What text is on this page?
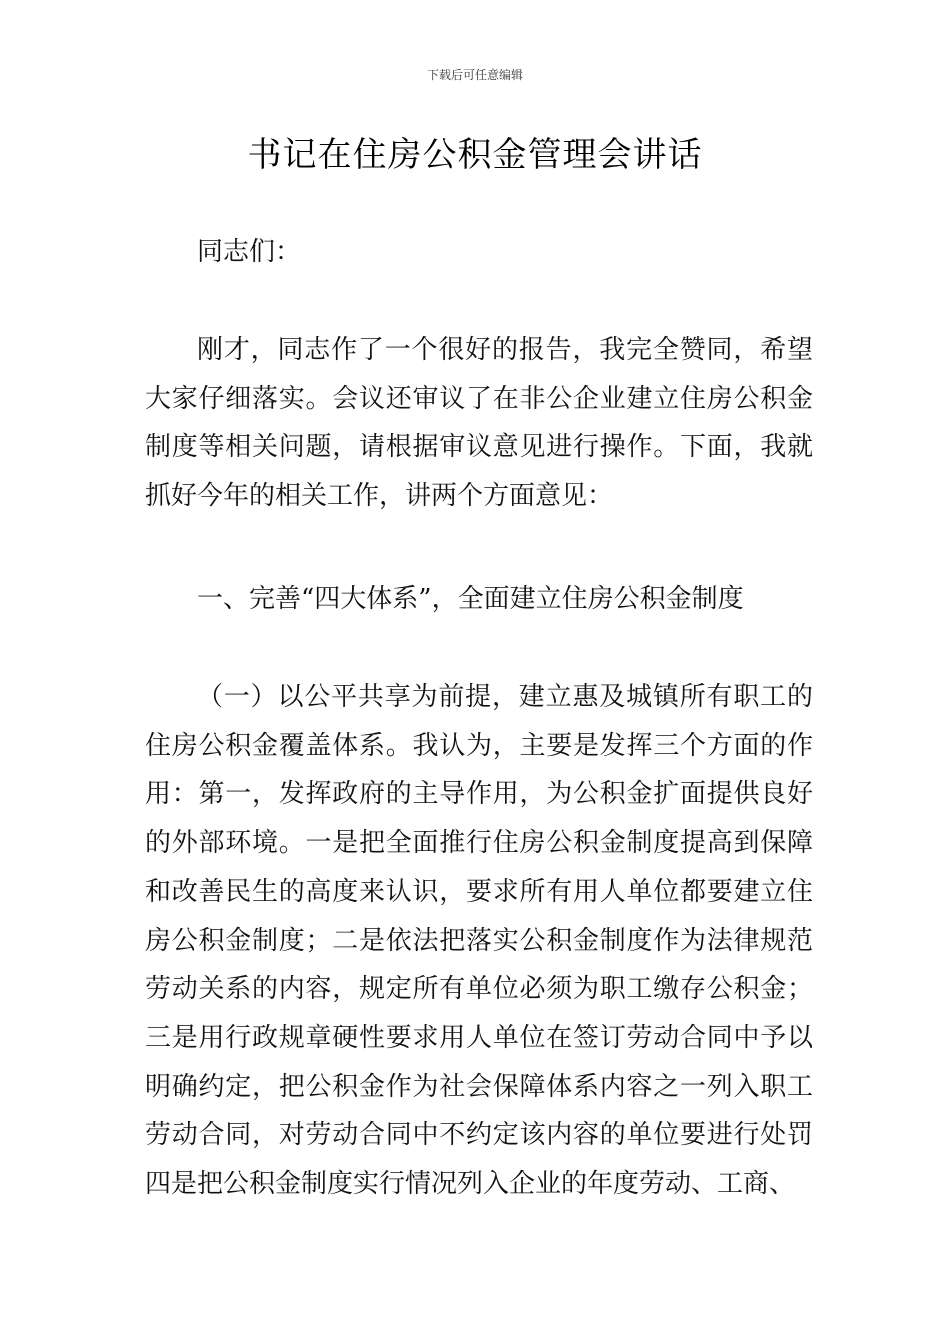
下载后可任意编辑
书记在住房公积金管理会讲话

同志们：

刚才，同志作了一个很好的报告，我完全赞同，希望大家仔细落实。会议还审议了在非公企业建立住房公积金制度等相关问题，请根据审议意见进行操作。下面，我就抓好今年的相关工作，讲两个方面意见：

一、完善“四大体系”，全面建立住房公积金制度

（一）以公平共享为前提，建立惠及城镇所有职工的住房公积金覆盖体系。我认为，主要是发挥三个方面的作用：第一，发挥政府的主导作用，为公积金扩面提供良好的外部环境。一是把全面推行住房公积金制度提高到保障和改善民生的高度来认识，要求所有用人单位都要建立住房公积金制度；二是依法把落实公积金制度作为法律规范劳动关系的内容，规定所有单位必须为职工缴存公积金；三是用行政规章硬性要求用人单位在签订劳动合同中予以明确约定，把公积金作为社会保障体系内容之一列入职工劳动合同，对劳动合同中不约定该内容的单位要进行处罚四是把公积金制度实行情况列入企业的年度劳动、工商、
